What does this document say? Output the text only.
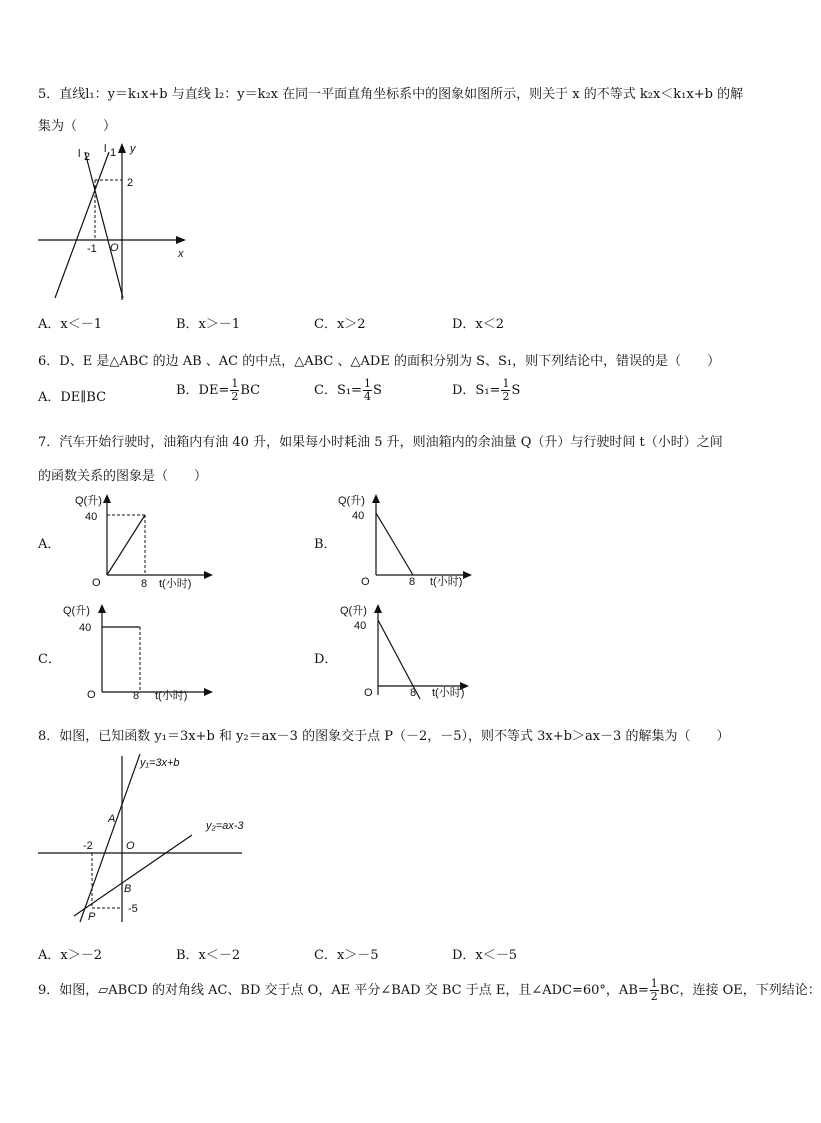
5．直线l₁：y＝k₁x+b 与直线 l₂：y＝k₂x 在同一平面直角坐标系中的图象如图所示，则关于 x 的不等式 k₂x＜k₁x+b 的解
集为（　　）
l 2
l 1 y
x
2
-1 O
A．x＜－1	B．x＞－1	C．x＞2	D．x＜2
6．D、E 是△ABC 的边 AB 、AC 的中点，△ABC 、△ADE 的面积分别为 S、S₁，则下列结论中，错误的是（　　）
A．DE∥BC	B．$DE= \frac{1}{2}$ BC	C．$S_1= \frac{1}{4}$ S	D．$S_1= \frac{1}{2}$ S
7．汽车开始行驶时，油箱内有油 40 升，如果每小时耗油 5 升，则油箱内的余油量 Q（升）与行驶时间 t（小时）之间
的函数关系的图象是（　　）
A．
Q(升)
40
O	8 t(小时)
B．
Q(升)
40
O	8 t(小时)
C．
Q(升)
40
O	8 t(小时)
D．
Q(升)
40
O	8 t(小时)
8．如图，已知函数 y₁＝3x+b 和 y₂＝ax－3 的图象交于点 P（－2，－5），则不等式 3x+b＞ax－3 的解集为（　　）
y₁=3x+b
y₂=ax-3
A
O
-2
B
P
-5
A．x＞－2	B．x＜－2	C．x＞－5	D．x＜－5
9．如图，▱ABCD 的对角线 AC、BD 交于点 O，AE 平分∠BAD 交 BC 于点 E，且∠ADC=60°，$AB= \frac{1}{2}$ BC，连接 OE，下列结论：
